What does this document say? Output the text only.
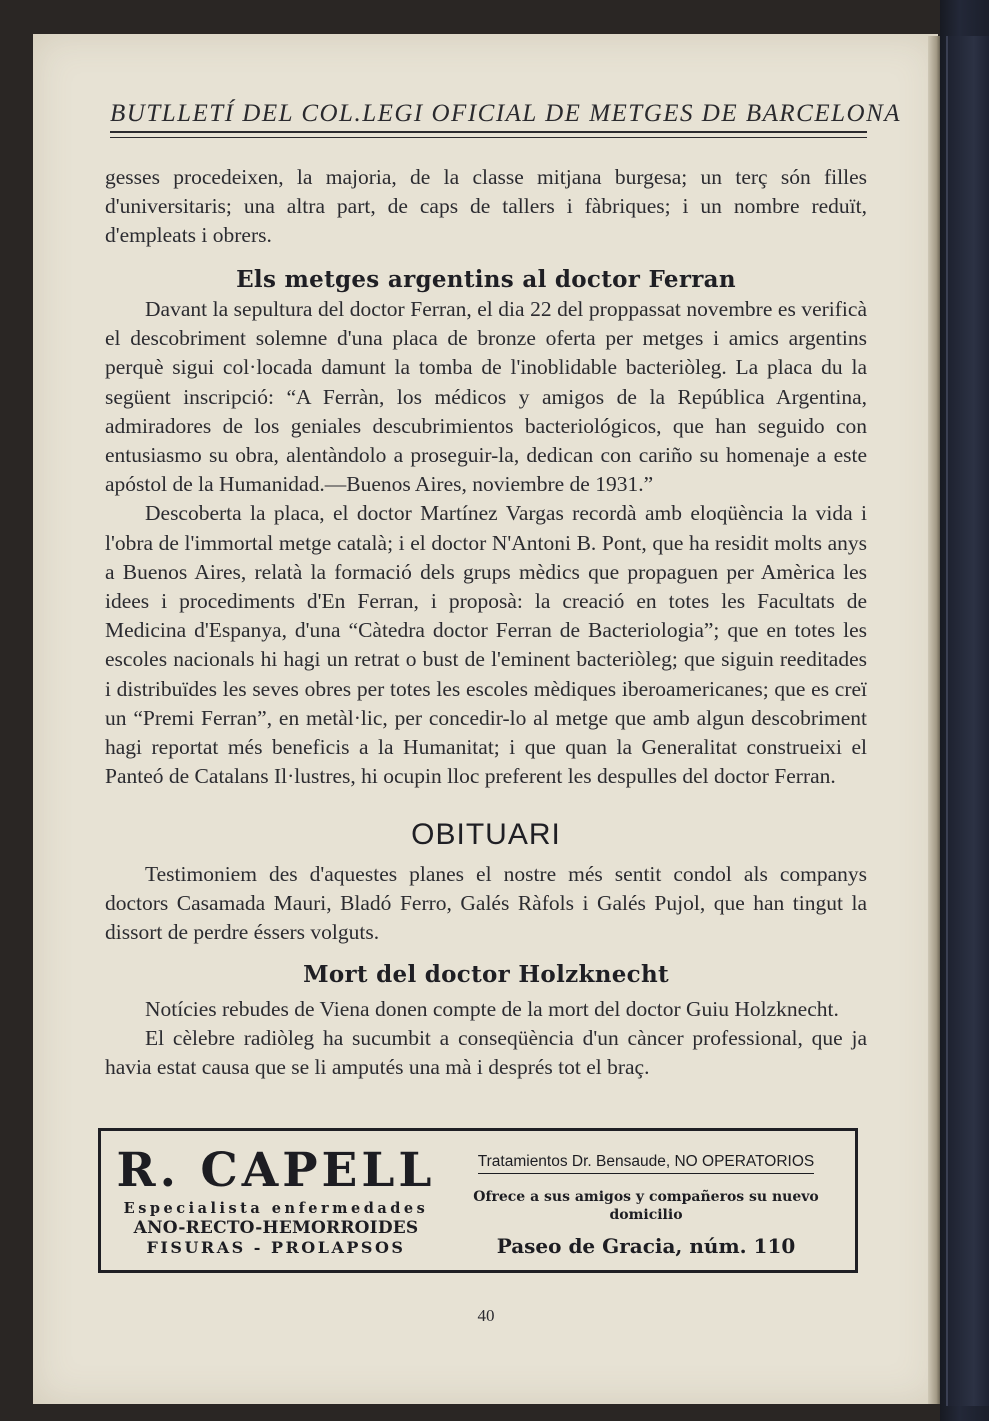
BUTLLETÍ DEL COL.LEGI OFICIAL DE METGES DE BARCELONA

gesses procedeixen, la majoria, de la classe mitjana burgesa; un terç són filles d'universitaris; una altra part, de caps de tallers i fàbriques; i un nombre reduït, d'empleats i obrers.

Els metges argentins al doctor Ferran

Davant la sepultura del doctor Ferran, el dia 22 del proppassat novembre es verificà el descobriment solemne d'una placa de bronze oferta per metges i amics argentins perquè sigui col·locada damunt la tomba de l'inoblidable bacteriòleg. La placa du la següent inscripció: “A Ferràn, los médicos y amigos de la República Argentina, admiradores de los geniales descubrimientos bacteriológicos, que han seguido con entusiasmo su obra, alentàndolo a proseguir-la, dedican con cariño su homenaje a este apóstol de la Humanidad.—Buenos Aires, noviembre de 1931.”

Descoberta la placa, el doctor Martínez Vargas recordà amb eloqüència la vida i l'obra de l'immortal metge català; i el doctor N'Antoni B. Pont, que ha residit molts anys a Buenos Aires, relatà la formació dels grups mèdics que propaguen per Amèrica les idees i procediments d'En Ferran, i proposà: la creació en totes les Facultats de Medicina d'Espanya, d'una “Càtedra doctor Ferran de Bacteriologia”; que en totes les escoles nacionals hi hagi un retrat o bust de l'eminent bacteriòleg; que siguin reeditades i distribuïdes les seves obres per totes les escoles mèdiques iberoamericanes; que es creï un “Premi Ferran”, en metàl·lic, per concedir-lo al metge que amb algun descobriment hagi reportat més beneficis a la Humanitat; i que quan la Generalitat construeixi el Panteó de Catalans Il·lustres, hi ocupin lloc preferent les despulles del doctor Ferran.

OBITUARI

Testimoniem des d'aquestes planes el nostre més sentit condol als companys doctors Casamada Mauri, Bladó Ferro, Galés Ràfols i Galés Pujol, que han tingut la dissort de perdre éssers volguts.

Mort del doctor Holzknecht

Notícies rebudes de Viena donen compte de la mort del doctor Guiu Holzknecht.

El cèlebre radiòleg ha sucumbit a conseqüència d'un càncer professional, que ja havia estat causa que se li amputés una mà i després tot el braç.

R. CAPELL
Especialista enfermedades
ANO-RECTO-HEMORROIDES
FISURAS - PROLAPSOS
Tratamientos Dr. Bensaude, NO OPERATORIOS
Ofrece a sus amigos y compañeros su nuevo domicilio
Paseo de Gracia, núm. 110
40
